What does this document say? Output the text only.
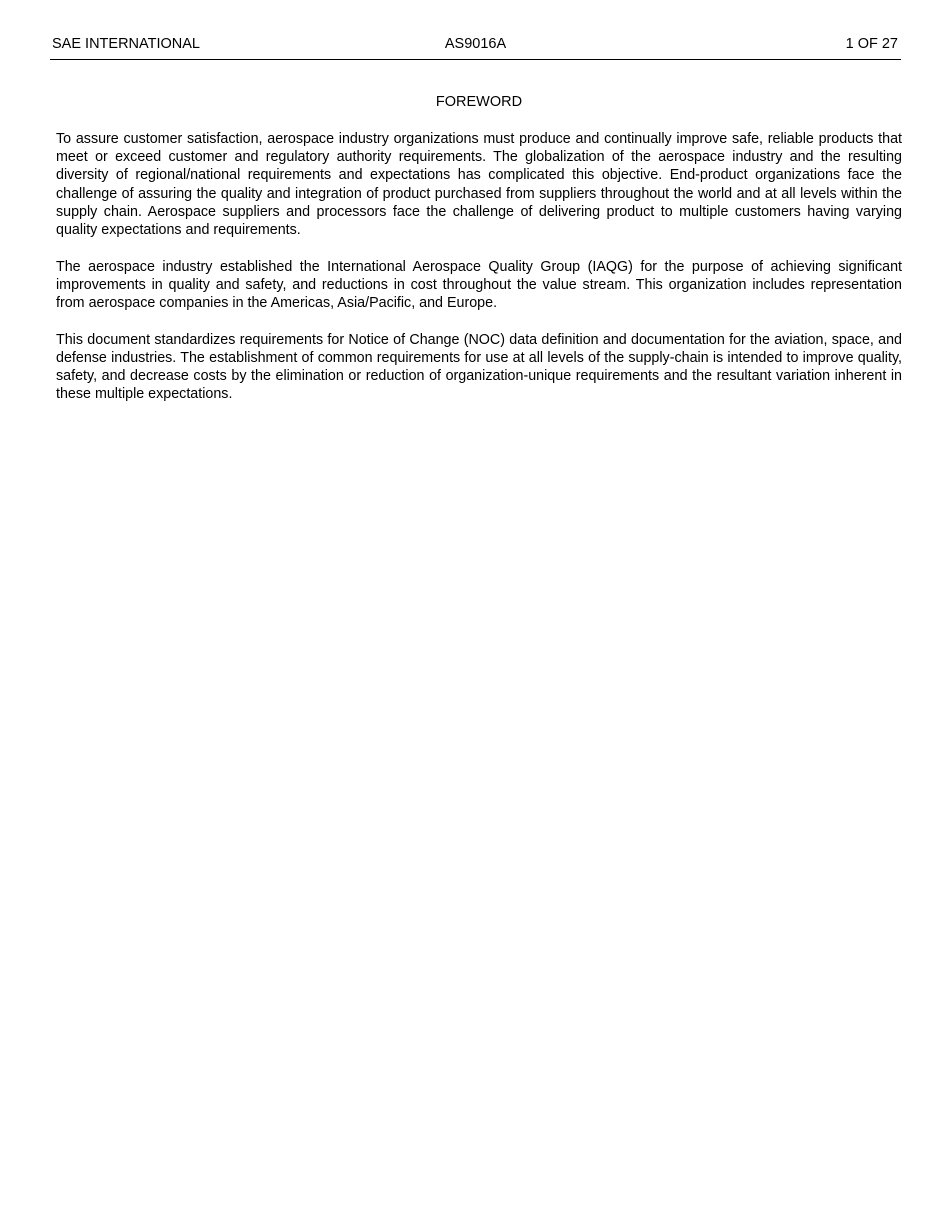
AS9016A
SAE INTERNATIONAL	1 OF 27
FOREWORD

To assure customer satisfaction, aerospace industry organizations must produce and continually improve safe, reliable products that meet or exceed customer and regulatory authority requirements. The globalization of the aerospace industry and the resulting diversity of regional/national requirements and expectations has complicated this objective. End-product organizations face the challenge of assuring the quality and integration of product purchased from suppliers throughout the world and at all levels within the supply chain. Aerospace suppliers and processors face the challenge of delivering product to multiple customers having varying quality expectations and requirements.

The aerospace industry established the International Aerospace Quality Group (IAQG) for the purpose of achieving significant improvements in quality and safety, and reductions in cost throughout the value stream. This organization includes representation from aerospace companies in the Americas, Asia/Pacific, and Europe.

This document standardizes requirements for Notice of Change (NOC) data definition and documentation for the aviation, space, and defense industries. The establishment of common requirements for use at all levels of the supply-chain is intended to improve quality, safety, and decrease costs by the elimination or reduction of organization-unique requirements and the resultant variation inherent in these multiple expectations.
